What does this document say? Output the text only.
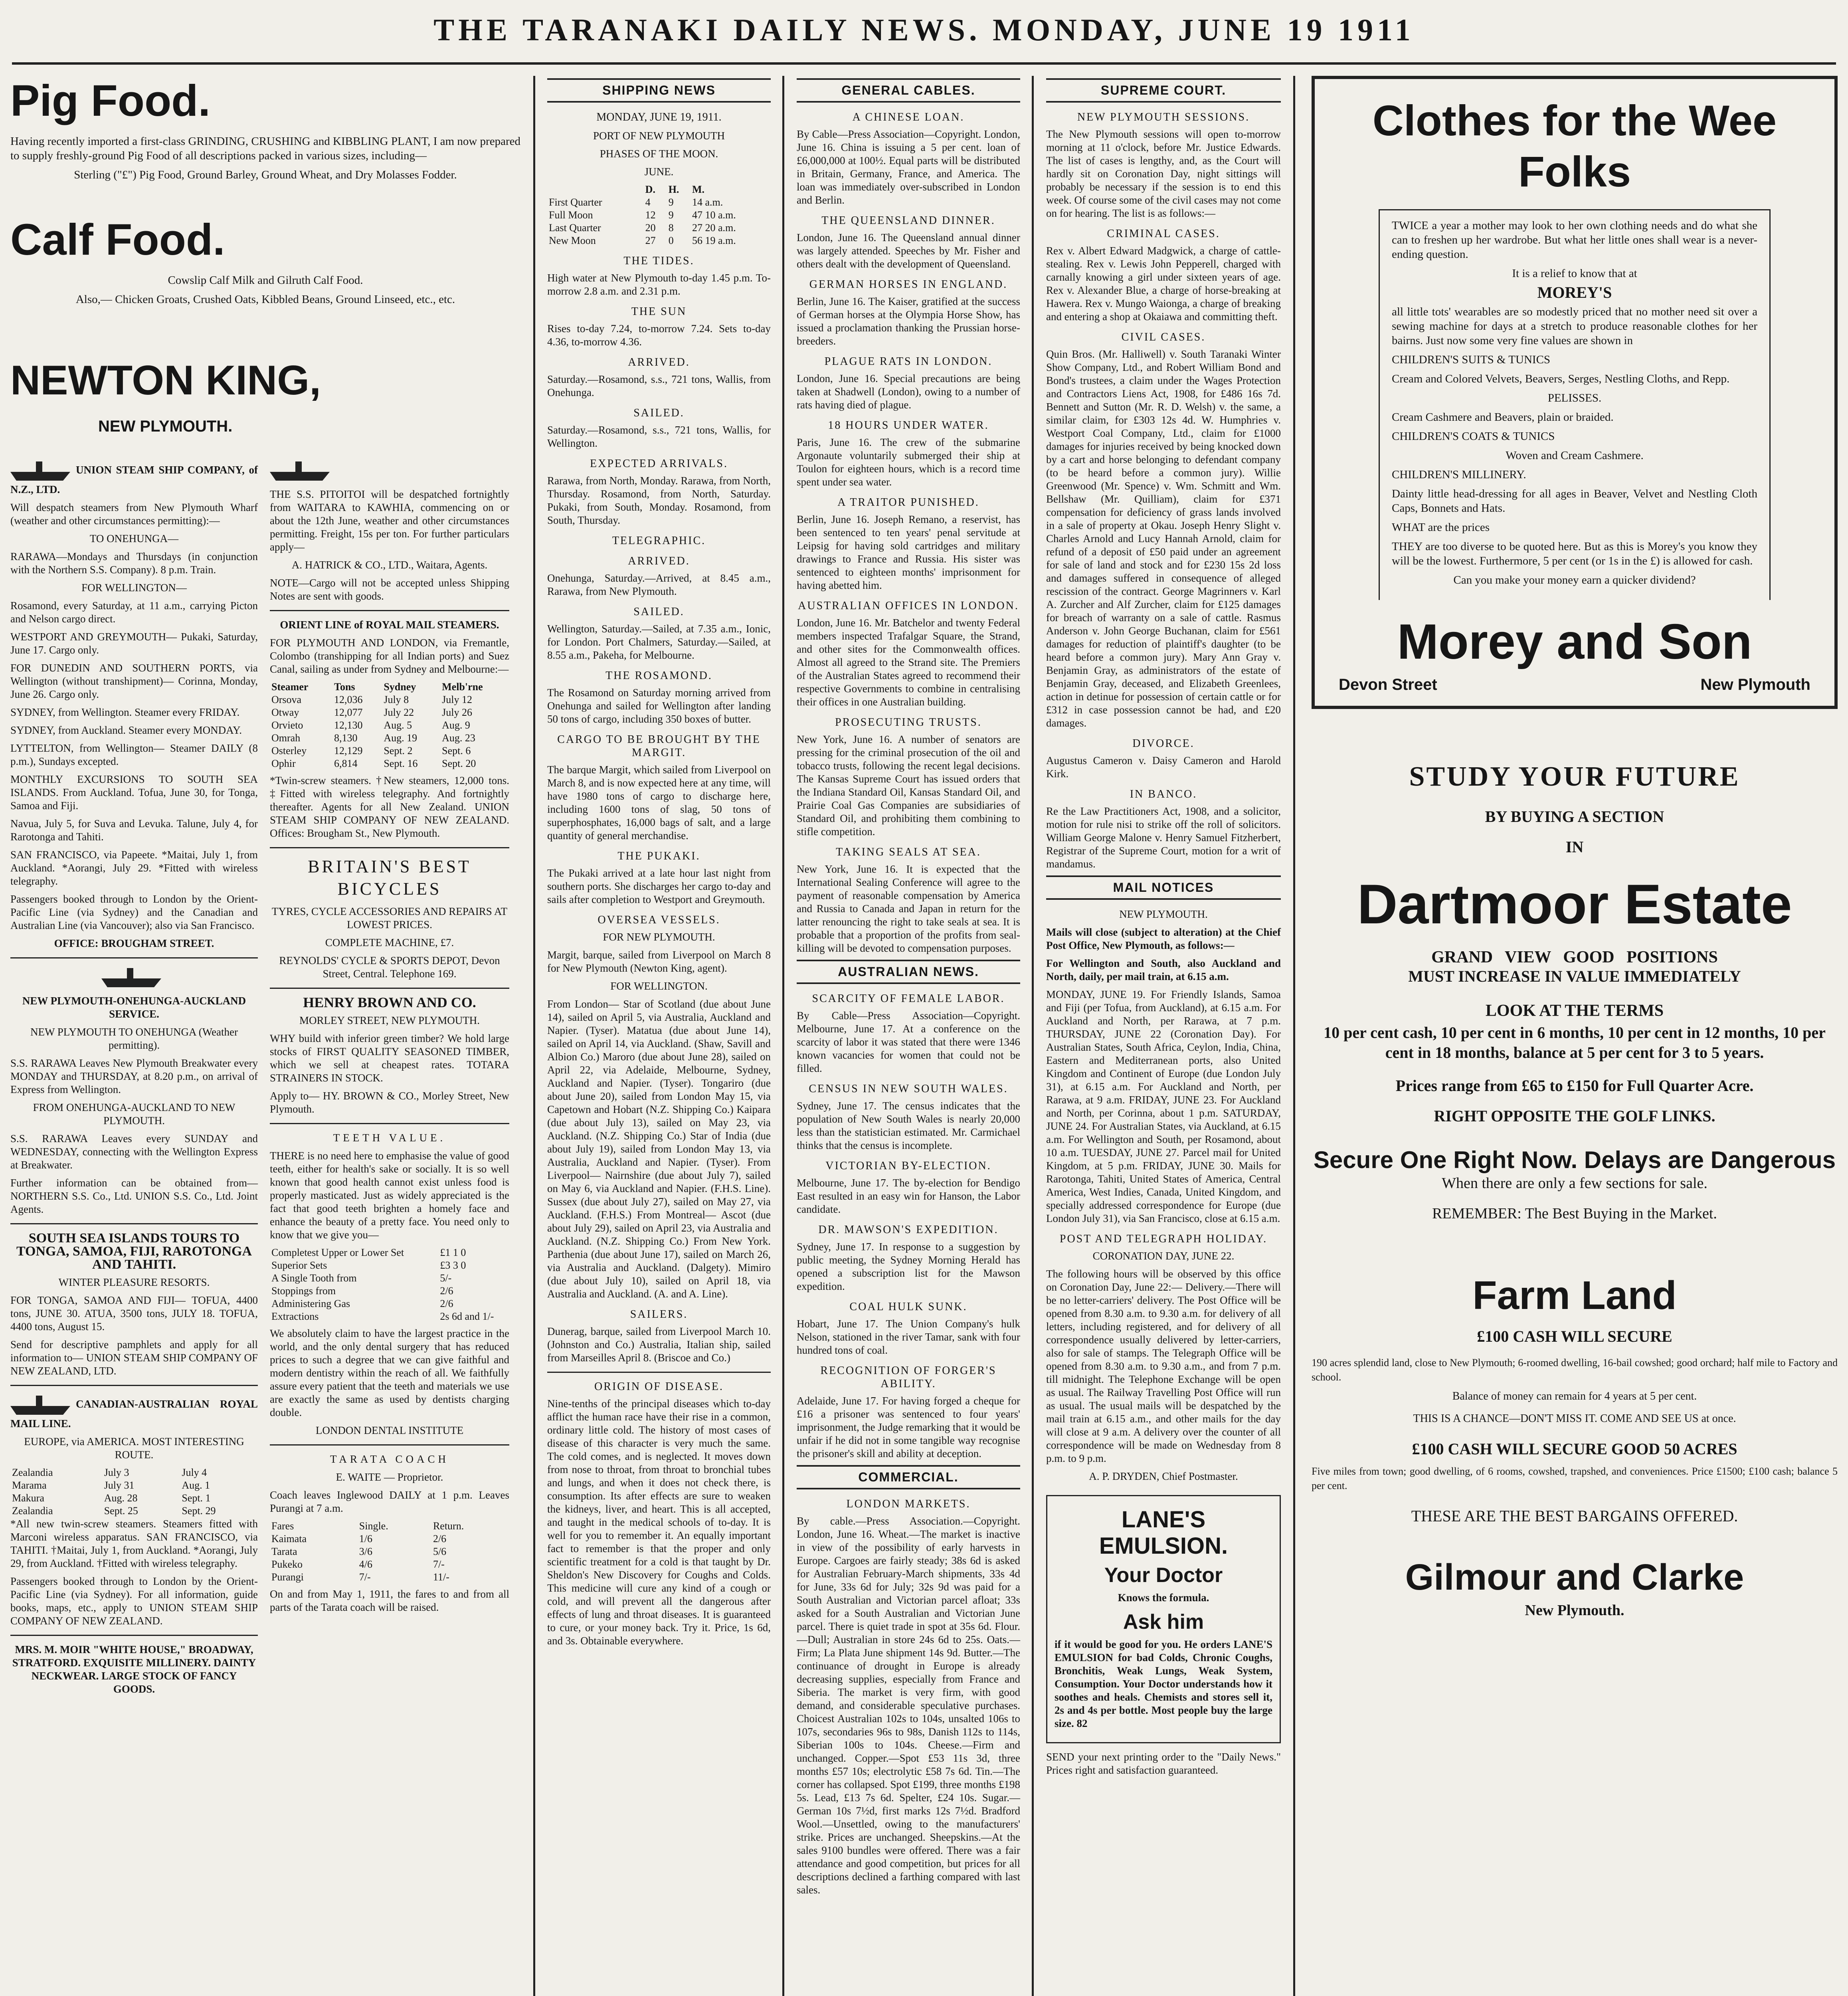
THE TARANAKI DAILY NEWS. MONDAY, JUNE 19 1911
Pig Food.

Having recently imported a first-class GRINDING, CRUSHING and KIBBLING PLANT, I am now prepared to supply freshly-ground Pig Food of all descriptions packed in various sizes, including—

Sterling ("£") Pig Food, Ground Barley, Ground Wheat, and Dry Molasses Fodder.

Calf Food.

Cowslip Calf Milk and Gilruth Calf Food.

Also,— Chicken Groats, Crushed Oats, Kibbled Beans, Ground Linseed, etc., etc.

NEWTON KING,
NEW PLYMOUTH.

UNION STEAM SHIP COMPANY, of N.Z., LTD.

Will despatch steamers from New Plymouth Wharf (weather and other circumstances permitting):—

TO ONEHUNGA—

RARAWA—Mondays and Thursdays (in conjunction with the Northern S.S. Company). 8 p.m. Train.

FOR WELLINGTON—

Rosamond, every Saturday, at 11 a.m., carrying Picton and Nelson cargo direct.

WESTPORT AND GREYMOUTH— Pukaki, Saturday, June 17. Cargo only.

FOR DUNEDIN AND SOUTHERN PORTS, via Wellington (without transhipment)— Corinna, Monday, June 26. Cargo only.

SYDNEY, from Wellington. Steamer every FRIDAY.

SYDNEY, from Auckland. Steamer every MONDAY.

LYTTELTON, from Wellington— Steamer DAILY (8 p.m.), Sundays excepted.

MONTHLY EXCURSIONS TO SOUTH SEA ISLANDS. From Auckland. Tofua, June 30, for Tonga, Samoa and Fiji.

Navua, July 5, for Suva and Levuka. Talune, July 4, for Rarotonga and Tahiti.

SAN FRANCISCO, via Papeete. *Maitai, July 1, from Auckland. *Aorangi, July 29. *Fitted with wireless telegraphy.

Passengers booked through to London by the Orient-Pacific Line (via Sydney) and the Canadian and Australian Line (via Vancouver); also via San Francisco.

OFFICE: BROUGHAM STREET.

NEW PLYMOUTH-ONEHUNGA-AUCKLAND SERVICE.

NEW PLYMOUTH TO ONEHUNGA (Weather permitting).

S.S. RARAWA Leaves New Plymouth Breakwater every MONDAY and THURSDAY, at 8.20 p.m., on arrival of Express from Wellington.

FROM ONEHUNGA-AUCKLAND TO NEW PLYMOUTH.

S.S. RARAWA Leaves every SUNDAY and WEDNESDAY, connecting with the Wellington Express at Breakwater.

Further information can be obtained from— NORTHERN S.S. Co., Ltd. UNION S.S. Co., Ltd. Joint Agents.

SOUTH SEA ISLANDS TOURS TO TONGA, SAMOA, FIJI, RAROTONGA AND TAHITI.

WINTER PLEASURE RESORTS.

FOR TONGA, SAMOA AND FIJI— TOFUA, 4400 tons, JUNE 30. ATUA, 3500 tons, JULY 18. TOFUA, 4400 tons, August 15.

Send for descriptive pamphlets and apply for all information to— UNION STEAM SHIP COMPANY OF NEW ZEALAND, LTD.

CANADIAN-AUSTRALIAN ROYAL MAIL LINE.

EUROPE, via AMERICA. MOST INTERESTING ROUTE.

Zealandia	July 3	July 4
Marama	July 31	Aug. 1
Makura	Aug. 28	Sept. 1
Zealandia	Sept. 25	Sept. 29

*All new twin-screw steamers. Steamers fitted with Marconi wireless apparatus. SAN FRANCISCO, via TAHITI. †Maitai, July 1, from Auckland. *Aorangi, July 29, from Auckland. †Fitted with wireless telegraphy.

Passengers booked through to London by the Orient-Pacific Line (via Sydney). For all information, guide books, maps, etc., apply to UNION STEAM SHIP COMPANY OF NEW ZEALAND.

MRS. M. MOIR "WHITE HOUSE," BROADWAY, STRATFORD. EXQUISITE MILLINERY. DAINTY NECKWEAR. LARGE STOCK OF FANCY GOODS.

THE S.S. PITOITOI will be despatched fortnightly from WAITARA to KAWHIA, commencing on or about the 12th June, weather and other circumstances permitting. Freight, 15s per ton. For further particulars apply—

A. HATRICK & CO., LTD., Waitara, Agents.

NOTE—Cargo will not be accepted unless Shipping Notes are sent with goods.

ORIENT LINE of ROYAL MAIL STEAMERS.

FOR PLYMOUTH AND LONDON, via Fremantle, Colombo (transhipping for all Indian ports) and Suez Canal, sailing as under from Sydney and Melbourne:—

Steamer	Tons	Sydney	Melb'rne
Orsova	12,036	July 8	July 12
Otway	12,077	July 22	July 26
Orvieto	12,130	Aug. 5	Aug. 9
Omrah	8,130	Aug. 19	Aug. 23
Osterley	12,129	Sept. 2	Sept. 6
Ophir	6,814	Sept. 16	Sept. 20

*Twin-screw steamers. †New steamers, 12,000 tons. ‡Fitted with wireless telegraphy. And fortnightly thereafter. Agents for all New Zealand. UNION STEAM SHIP COMPANY OF NEW ZEALAND. Offices: Brougham St., New Plymouth.

BRITAIN'S BEST BICYCLES

TYRES, CYCLE ACCESSORIES AND REPAIRS AT LOWEST PRICES.

COMPLETE MACHINE, £7.

REYNOLDS' CYCLE & SPORTS DEPOT, Devon Street, Central. Telephone 169.

HENRY BROWN AND CO.

MORLEY STREET, NEW PLYMOUTH.

WHY build with inferior green timber? We hold large stocks of FIRST QUALITY SEASONED TIMBER, which we sell at cheapest rates. TOTARA STRAINERS IN STOCK.

Apply to— HY. BROWN & CO., Morley Street, New Plymouth.

TEETH VALUE.

THERE is no need here to emphasise the value of good teeth, either for health's sake or socially. It is so well known that good health cannot exist unless food is properly masticated. Just as widely appreciated is the fact that good teeth brighten a homely face and enhance the beauty of a pretty face. You need only to know that we give you—

Completest Upper or Lower Set	£1 1 0
Superior Sets	£3 3 0
A Single Tooth from	5/-
Stoppings from	2/6
Administering Gas	2/6
Extractions	2s 6d and 1/-

We absolutely claim to have the largest practice in the world, and the only dental surgery that has reduced prices to such a degree that we can give faithful and modern dentistry within the reach of all. We faithfully assure every patient that the teeth and materials we use are exactly the same as used by dentists charging double.

LONDON DENTAL INSTITUTE

TARATA COACH

E. WAITE — Proprietor.

Coach leaves Inglewood DAILY at 1 p.m. Leaves Purangi at 7 a.m.

Fares	Single.	Return.
Kaimata	1/6	2/6
Tarata	3/6	5/6
Pukeko	4/6	7/-
Purangi	7/-	11/-

On and from May 1, 1911, the fares to and from all parts of the Tarata coach will be raised.

SHIPPING NEWS
MONDAY, JUNE 19, 1911.

PORT OF NEW PLYMOUTH

PHASES OF THE MOON.

JUNE.

	D.	H.	M.
First Quarter	4	9	14 a.m.
Full Moon	12	9	47 10 a.m.
Last Quarter	20	8	27 20 a.m.
New Moon	27	0	56 19 a.m.
THE TIDES.

High water at New Plymouth to-day 1.45 p.m. To-morrow 2.8 a.m. and 2.31 p.m.

THE SUN

Rises to-day 7.24, to-morrow 7.24. Sets to-day 4.36, to-morrow 4.36.

ARRIVED.

Saturday.—Rosamond, s.s., 721 tons, Wallis, from Onehunga.

SAILED.

Saturday.—Rosamond, s.s., 721 tons, Wallis, for Wellington.

EXPECTED ARRIVALS.

Rarawa, from North, Monday. Rarawa, from North, Thursday. Rosamond, from North, Saturday. Pukaki, from South, Monday. Rosamond, from South, Thursday.

TELEGRAPHIC.
ARRIVED.

Onehunga, Saturday.—Arrived, at 8.45 a.m., Rarawa, from New Plymouth.

SAILED.

Wellington, Saturday.—Sailed, at 7.35 a.m., Ionic, for London. Port Chalmers, Saturday.—Sailed, at 8.55 a.m., Pakeha, for Melbourne.

THE ROSAMOND.

The Rosamond on Saturday morning arrived from Onehunga and sailed for Wellington after landing 50 tons of cargo, including 350 boxes of butter.

CARGO TO BE BROUGHT BY THE MARGIT.

The barque Margit, which sailed from Liverpool on March 8, and is now expected here at any time, will have 1980 tons of cargo to discharge here, including 1600 tons of slag, 50 tons of superphosphates, 16,000 bags of salt, and a large quantity of general merchandise.

THE PUKAKI.

The Pukaki arrived at a late hour last night from southern ports. She discharges her cargo to-day and sails after completion to Westport and Greymouth.

OVERSEA VESSELS.

FOR NEW PLYMOUTH.

Margit, barque, sailed from Liverpool on March 8 for New Plymouth (Newton King, agent).

FOR WELLINGTON.

From London— Star of Scotland (due about June 14), sailed on April 5, via Australia, Auckland and Napier. (Tyser). Matatua (due about June 14), sailed on April 14, via Auckland. (Shaw, Savill and Albion Co.) Maroro (due about June 28), sailed on April 22, via Adelaide, Melbourne, Sydney, Auckland and Napier. (Tyser). Tongariro (due about June 20), sailed from London May 15, via Capetown and Hobart (N.Z. Shipping Co.) Kaipara (due about July 13), sailed on May 23, via Auckland. (N.Z. Shipping Co.) Star of India (due about July 19), sailed from London May 13, via Australia, Auckland and Napier. (Tyser). From Liverpool— Nairnshire (due about July 7), sailed on May 6, via Auckland and Napier. (F.H.S. Line). Sussex (due about July 27), sailed on May 27, via Auckland. (F.H.S.) From Montreal— Ascot (due about July 29), sailed on April 23, via Australia and Auckland. (N.Z. Shipping Co.) From New York. Parthenia (due about June 17), sailed on March 26, via Australia and Auckland. (Dalgety). Mimiro (due about July 10), sailed on April 18, via Australia and Auckland. (A. and A. Line).

SAILERS.

Dunerag, barque, sailed from Liverpool March 10. (Johnston and Co.) Australia, Italian ship, sailed from Marseilles April 8. (Briscoe and Co.)

ORIGIN OF DISEASE.

Nine-tenths of the principal diseases which to-day afflict the human race have their rise in a common, ordinary little cold. The history of most cases of disease of this character is very much the same. The cold comes, and is neglected. It moves down from nose to throat, from throat to bronchial tubes and lungs, and when it does not check there, is consumption. Its after effects are sure to weaken the kidneys, liver, and heart. This is all accepted, and taught in the medical schools of to-day. It is well for you to remember it. An equally important fact to remember is that the proper and only scientific treatment for a cold is that taught by Dr. Sheldon's New Discovery for Coughs and Colds. This medicine will cure any kind of a cough or cold, and will prevent all the dangerous after effects of lung and throat diseases. It is guaranteed to cure, or your money back. Try it. Price, 1s 6d, and 3s. Obtainable everywhere.

GENERAL CABLES.
A CHINESE LOAN.

By Cable—Press Association—Copyright. London, June 16. China is issuing a 5 per cent. loan of £6,000,000 at 100½. Equal parts will be distributed in Britain, Germany, France, and America. The loan was immediately over-subscribed in London and Berlin.

THE QUEENSLAND DINNER.

London, June 16. The Queensland annual dinner was largely attended. Speeches by Mr. Fisher and others dealt with the development of Queensland.

GERMAN HORSES IN ENGLAND.

Berlin, June 16. The Kaiser, gratified at the success of German horses at the Olympia Horse Show, has issued a proclamation thanking the Prussian horse-breeders.

PLAGUE RATS IN LONDON.

London, June 16. Special precautions are being taken at Shadwell (London), owing to a number of rats having died of plague.

18 HOURS UNDER WATER.

Paris, June 16. The crew of the submarine Argonaute voluntarily submerged their ship at Toulon for eighteen hours, which is a record time spent under sea water.

A TRAITOR PUNISHED.

Berlin, June 16. Joseph Remano, a reservist, has been sentenced to ten years' penal servitude at Leipsig for having sold cartridges and military drawings to France and Russia. His sister was sentenced to eighteen months' imprisonment for having abetted him.

AUSTRALIAN OFFICES IN LONDON.

London, June 16. Mr. Batchelor and twenty Federal members inspected Trafalgar Square, the Strand, and other sites for the Commonwealth offices. Almost all agreed to the Strand site. The Premiers of the Australian States agreed to recommend their respective Governments to combine in centralising their offices in one Australian building.

PROSECUTING TRUSTS.

New York, June 16. A number of senators are pressing for the criminal prosecution of the oil and tobacco trusts, following the recent legal decisions. The Kansas Supreme Court has issued orders that the Indiana Standard Oil, Kansas Standard Oil, and Prairie Coal Gas Companies are subsidiaries of Standard Oil, and prohibiting them combining to stifle competition.

TAKING SEALS AT SEA.

New York, June 16. It is expected that the International Sealing Conference will agree to the payment of reasonable compensation by America and Russia to Canada and Japan in return for the latter renouncing the right to take seals at sea. It is probable that a proportion of the profits from seal-killing will be devoted to compensation purposes.

AUSTRALIAN NEWS.
SCARCITY OF FEMALE LABOR.

By Cable—Press Association—Copyright. Melbourne, June 17. At a conference on the scarcity of labor it was stated that there were 1346 known vacancies for women that could not be filled.

CENSUS IN NEW SOUTH WALES.

Sydney, June 17. The census indicates that the population of New South Wales is nearly 20,000 less than the statistician estimated. Mr. Carmichael thinks that the census is incomplete.

VICTORIAN BY-ELECTION.

Melbourne, June 17. The by-election for Bendigo East resulted in an easy win for Hanson, the Labor candidate.

DR. MAWSON'S EXPEDITION.

Sydney, June 17. In response to a suggestion by public meeting, the Sydney Morning Herald has opened a subscription list for the Mawson expedition.

COAL HULK SUNK.

Hobart, June 17. The Union Company's hulk Nelson, stationed in the river Tamar, sank with four hundred tons of coal.

RECOGNITION OF FORGER'S ABILITY.

Adelaide, June 17. For having forged a cheque for £16 a prisoner was sentenced to four years' imprisonment, the Judge remarking that it would be unfair if he did not in some tangible way recognise the prisoner's skill and ability at deception.

COMMERCIAL.
LONDON MARKETS.

By cable.—Press Association.—Copyright. London, June 16. Wheat.—The market is inactive in view of the possibility of early harvests in Europe. Cargoes are fairly steady; 38s 6d is asked for Australian February-March shipments, 33s 4d for June, 33s 6d for July; 32s 9d was paid for a South Australian and Victorian parcel afloat; 33s asked for a South Australian and Victorian June parcel. There is quiet trade in spot at 35s 6d. Flour.—Dull; Australian in store 24s 6d to 25s. Oats.—Firm; La Plata June shipment 14s 9d. Butter.—The continuance of drought in Europe is already decreasing supplies, especially from France and Siberia. The market is very firm, with good demand, and considerable speculative purchases. Choicest Australian 102s to 104s, unsalted 106s to 107s, secondaries 96s to 98s, Danish 112s to 114s, Siberian 100s to 104s. Cheese.—Firm and unchanged. Copper.—Spot £53 11s 3d, three months £57 10s; electrolytic £58 7s 6d. Tin.—The corner has collapsed. Spot £199, three months £198 5s. Lead, £13 7s 6d. Spelter, £24 10s. Sugar.—German 10s 7½d, first marks 12s 7½d. Bradford Wool.—Unsettled, owing to the manufacturers' strike. Prices are unchanged. Sheepskins.—At the sales 9100 bundles were offered. There was a fair attendance and good competition, but prices for all descriptions declined a farthing compared with last sales.

SUPREME COURT.
NEW PLYMOUTH SESSIONS.

The New Plymouth sessions will open to-morrow morning at 11 o'clock, before Mr. Justice Edwards. The list of cases is lengthy, and, as the Court will hardly sit on Coronation Day, night sittings will probably be necessary if the session is to end this week. Of course some of the civil cases may not come on for hearing. The list is as follows:—

CRIMINAL CASES.

Rex v. Albert Edward Madgwick, a charge of cattle-stealing. Rex v. Lewis John Pepperell, charged with carnally knowing a girl under sixteen years of age. Rex v. Alexander Blue, a charge of horse-breaking at Hawera. Rex v. Mungo Waionga, a charge of breaking and entering a shop at Okaiawa and committing theft.

CIVIL CASES.

Quin Bros. (Mr. Halliwell) v. South Taranaki Winter Show Company, Ltd., and Robert William Bond and Bond's trustees, a claim under the Wages Protection and Contractors Liens Act, 1908, for £486 16s 7d. Bennett and Sutton (Mr. R. D. Welsh) v. the same, a similar claim, for £303 12s 4d. W. Humphries v. Westport Coal Company, Ltd., claim for £1000 damages for injuries received by being knocked down by a cart and horse belonging to defendant company (to be heard before a common jury). Willie Greenwood (Mr. Spence) v. Wm. Schmitt and Wm. Bellshaw (Mr. Quilliam), claim for £371 compensation for deficiency of grass lands involved in a sale of property at Okau. Joseph Henry Slight v. Charles Arnold and Lucy Hannah Arnold, claim for refund of a deposit of £50 paid under an agreement for sale of land and stock and for £230 15s 2d loss and damages suffered in consequence of alleged rescission of the contract. George Magrinners v. Karl A. Zurcher and Alf Zurcher, claim for £125 damages for breach of warranty on a sale of cattle. Rasmus Anderson v. John George Buchanan, claim for £561 damages for reduction of plaintiff's daughter (to be heard before a common jury). Mary Ann Gray v. Benjamin Gray, as administrators of the estate of Benjamin Gray, deceased, and Elizabeth Greenlees, action in detinue for possession of certain cattle or for £312 in case possession cannot be had, and £20 damages.

DIVORCE.

Augustus Cameron v. Daisy Cameron and Harold Kirk.

IN BANCO.

Re the Law Practitioners Act, 1908, and a solicitor, motion for rule nisi to strike off the roll of solicitors. William George Malone v. Henry Samuel Fitzherbert, Registrar of the Supreme Court, motion for a writ of mandamus.

MAIL NOTICES

NEW PLYMOUTH.

Mails will close (subject to alteration) at the Chief Post Office, New Plymouth, as follows:—

For Wellington and South, also Auckland and North, daily, per mail train, at 6.15 a.m.

MONDAY, JUNE 19. For Friendly Islands, Samoa and Fiji (per Tofua, from Auckland), at 6.15 a.m. For Auckland and North, per Rarawa, at 7 p.m. THURSDAY, JUNE 22 (Coronation Day). For Australian States, South Africa, Ceylon, India, China, Eastern and Mediterranean ports, also United Kingdom and Continent of Europe (due London July 31), at 6.15 a.m. For Auckland and North, per Rarawa, at 9 a.m. FRIDAY, JUNE 23. For Auckland and North, per Corinna, about 1 p.m. SATURDAY, JUNE 24. For Australian States, via Auckland, at 6.15 a.m. For Wellington and South, per Rosamond, about 10 a.m. TUESDAY, JUNE 27. Parcel mail for United Kingdom, at 5 p.m. FRIDAY, JUNE 30. Mails for Rarotonga, Tahiti, United States of America, Central America, West Indies, Canada, United Kingdom, and specially addressed correspondence for Europe (due London July 31), via San Francisco, close at 6.15 a.m.

POST AND TELEGRAPH HOLIDAY.

CORONATION DAY, JUNE 22.

The following hours will be observed by this office on Coronation Day, June 22:— Delivery.—There will be no letter-carriers' delivery. The Post Office will be opened from 8.30 a.m. to 9.30 a.m. for delivery of all letters, including registered, and for delivery of all correspondence usually delivered by letter-carriers, also for sale of stamps. The Telegraph Office will be opened from 8.30 a.m. to 9.30 a.m., and from 7 p.m. till midnight. The Telephone Exchange will be open as usual. The Railway Travelling Post Office will run as usual. The usual mails will be despatched by the mail train at 6.15 a.m., and other mails for the day will close at 9 a.m. A delivery over the counter of all correspondence will be made on Wednesday from 8 p.m. to 9 p.m.

A. P. DRYDEN, Chief Postmaster.

LANE'S EMULSION.
Your Doctor

Knows the formula.

Ask him

if it would be good for you. He orders LANE'S EMULSION for bad Colds, Chronic Coughs, Bronchitis, Weak Lungs, Weak System, Consumption. Your Doctor understands how it soothes and heals. Chemists and stores sell it, 2s and 4s per bottle. Most people buy the large size. 82

SEND your next printing order to the "Daily News." Prices right and satisfaction guaranteed.

Clothes for the Wee Folks

TWICE a year a mother may look to her own clothing needs and do what she can to freshen up her wardrobe. But what her little ones shall wear is a never-ending question.

It is a relief to know that at

MOREY'S

all little tots' wearables are so modestly priced that no mother need sit over a sewing machine for days at a stretch to produce reasonable clothes for her bairns. Just now some very fine values are shown in

CHILDREN'S SUITS & TUNICS

Cream and Colored Velvets, Beavers, Serges, Nestling Cloths, and Repp.

PELISSES.

Cream Cashmere and Beavers, plain or braided.

CHILDREN'S COATS & TUNICS

Woven and Cream Cashmere.

CHILDREN'S MILLINERY.

Dainty little head-dressing for all ages in Beaver, Velvet and Nestling Cloth Caps, Bonnets and Hats.

WHAT are the prices

THEY are too diverse to be quoted here. But as this is Morey's you know they will be the lowest. Furthermore, 5 per cent (or 1s in the £) is allowed for cash.

Can you make your money earn a quicker dividend?

Morey and Son
Devon Street	New Plymouth
STUDY YOUR FUTURE

BY BUYING A SECTION

IN

Dartmoor Estate

GRAND VIEW GOOD POSITIONS

MUST INCREASE IN VALUE IMMEDIATELY

LOOK AT THE TERMS

10 per cent cash, 10 per cent in 6 months, 10 per cent in 12 months, 10 per cent in 18 months, balance at 5 per cent for 3 to 5 years.

Prices range from £65 to £150 for Full Quarter Acre.

RIGHT OPPOSITE THE GOLF LINKS.

Secure One Right Now. Delays are Dangerous

When there are only a few sections for sale.

REMEMBER: The Best Buying in the Market.

Farm Land

£100 CASH WILL SECURE

190 acres splendid land, close to New Plymouth; 6-roomed dwelling, 16-bail cowshed; good orchard; half mile to Factory and school.

Balance of money can remain for 4 years at 5 per cent.

THIS IS A CHANCE—DON'T MISS IT. COME AND SEE US at once.

£100 CASH WILL SECURE GOOD 50 ACRES

Five miles from town; good dwelling, of 6 rooms, cowshed, trapshed, and conveniences. Price £1500; £100 cash; balance 5 per cent.

THESE ARE THE BEST BARGAINS OFFERED.

Gilmour and Clarke

New Plymouth.
